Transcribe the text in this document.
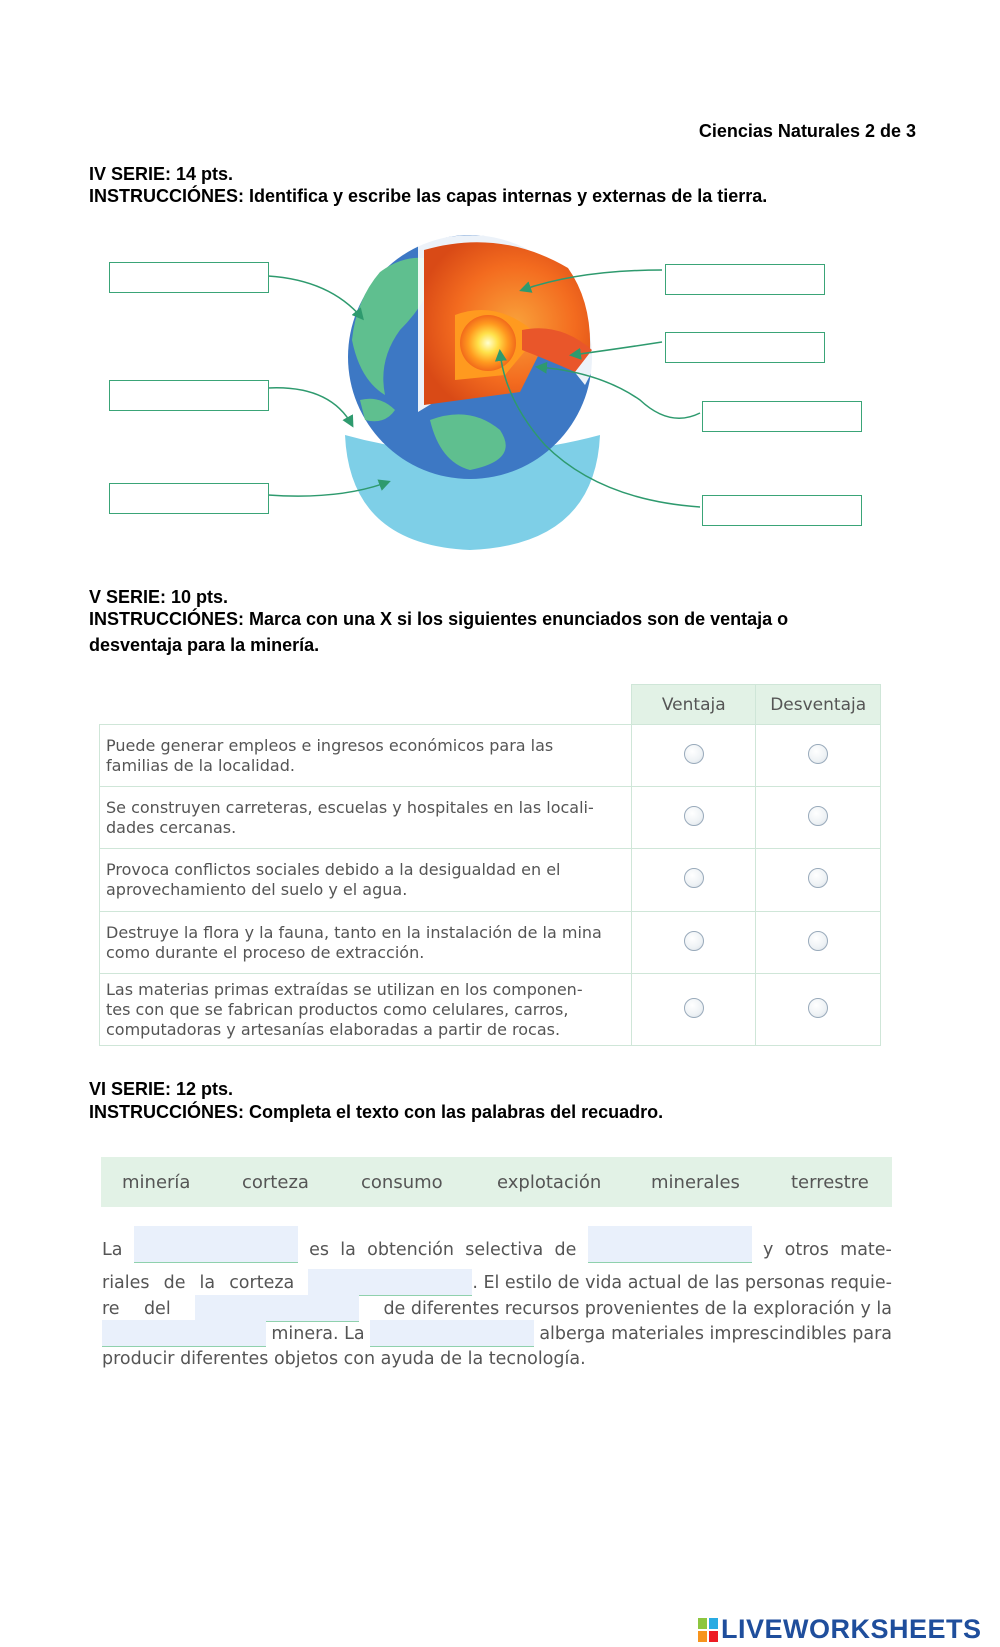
Ciencias Naturales 2 de 3
IV SERIE: 14 pts.
INSTRUCCIÓNES: Identifica y escribe las capas internas y externas de la tierra.
V SERIE: 10 pts.
INSTRUCCIÓNES: Marca con una X si los siguientes enunciados son de ventaja o
desventaja para la minería.
	Ventaja	Desventaja

Puede generar empleos e ingresos económicos para las
familias de la localidad.		

Se construyen carreteras, escuelas y hospitales en las locali-
dades cercanas.		

Provoca conflictos sociales debido a la desigualdad en el
aprovechamiento del suelo y el agua.		

Destruye la flora y la fauna, tanto en la instalación de la mina
como durante el proceso de extracción.		

Las materias primas extraídas se utilizan en los componen-
tes con que se fabrican productos como celulares, carros,
computadoras y artesanías elaboradas a partir de rocas.		

VI SERIE: 12 pts.
INSTRUCCIÓNES: Completa el texto con las palabras del recuadro.
minería	corteza	consumo	explotación	minerales	terrestre
La	es la obtención selectiva de	y otros mate-
riales de la corteza	. El estilo de vida actual de las personas requie-
re del	de diferentes recursos provenientes de la exploración y la
minera. La	alberga materiales imprescindibles para
producir diferentes objetos con ayuda de la tecnología.
LIVEWORKSHEETS
